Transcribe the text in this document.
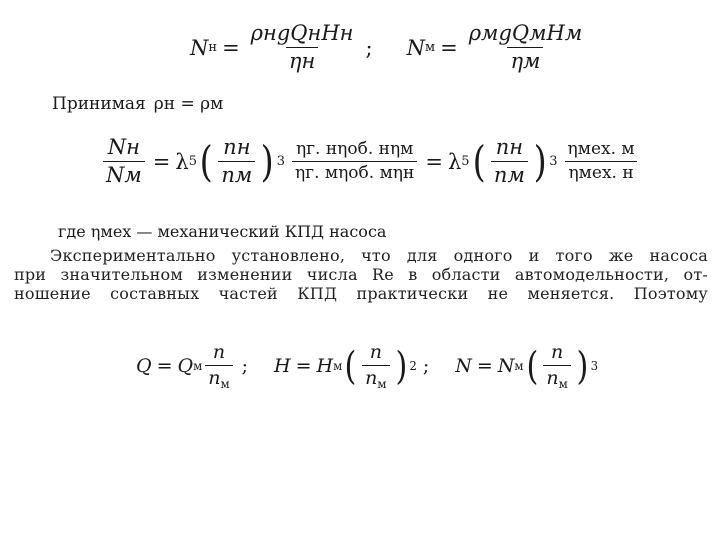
N $н = \frac{\text{ρнgQнHн}}{\eta н}$ ; N $м = \frac{\text{ρмgQмHм}}{\eta м}$
Принимая ρн = ρм
$\frac{Nн}{Nм} = \lambda$ 5 ( $\frac{nн}{nм}$ ) $3 \frac{\text{ηг. нηоб. нηм}}{\text{ηг. мηоб. мηн}} = \lambda$ 5 ( $\frac{nн}{nм}$ ) $3 \frac{\text{ηмех. м}}{\text{ηмех. н}}$
где ηмех — механический КПД насоса
Экспериментально установлено, что для одного и того же насоса
при значительном изменении числа Re в области автомодельности, от-
ношение составных частей КПД практически не меняется. Поэтому
Q = Q м $\frac{n}{n_м}$ ; H = H м ( $\frac{n}{n_м}$ ) 2 ; N = N м ( $\frac{n}{n_м}$ ) 3
